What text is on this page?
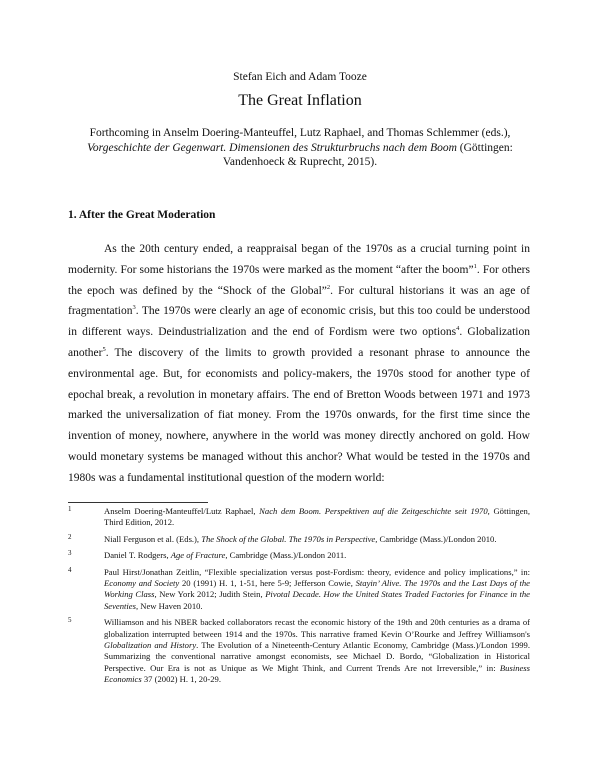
Stefan Eich and Adam Tooze
The Great Inflation
Forthcoming in Anselm Doering-Manteuffel, Lutz Raphael, and Thomas Schlemmer (eds.), Vorgeschichte der Gegenwart. Dimensionen des Strukturbruchs nach dem Boom (Göttingen: Vandenhoeck & Ruprecht, 2015).
1. After the Great Moderation

As the 20th century ended, a reappraisal began of the 1970s as a crucial turning point in modernity. For some historians the 1970s were marked as the moment “after the boom”$^1$. For others the epoch was defined by the “Shock of the Global”$^2$. For cultural historians it was an age of fragmentation$^3$. The 1970s were clearly an age of economic crisis, but this too could be understood in different ways. Deindustrialization and the end of Fordism were two options$^4$. Globalization another$^5$. The discovery of the limits to growth provided a resonant phrase to announce the environmental age. But, for economists and policy-makers, the 1970s stood for another type of epochal break, a revolution in monetary affairs. The end of Bretton Woods between 1971 and 1973 marked the universalization of fiat money. From the 1970s onwards, for the first time since the invention of money, nowhere, anywhere in the world was money directly anchored on gold. How would monetary systems be managed without this anchor? What would be tested in the 1970s and 1980s was a fundamental institutional question of the modern world:

1	Anselm Doering-Manteuffel/Lutz Raphael, Nach dem Boom. Perspektiven auf die Zeitgeschichte seit 1970, Göttingen, Third Edition, 2012.
2	Niall Ferguson et al. (Eds.), The Shock of the Global. The 1970s in Perspective, Cambridge (Mass.)/London 2010.
3	Daniel T. Rodgers, Age of Fracture, Cambridge (Mass.)/London 2011.
4	Paul Hirst/Jonathan Zeitlin, “Flexible specialization versus post-Fordism: theory, evidence and policy implications,” in: Economy and Society 20 (1991) H. 1, 1-51, here 5-9; Jefferson Cowie, Stayin’ Alive. The 1970s and the Last Days of the Working Class, New York 2012; Judith Stein, Pivotal Decade. How the United States Traded Factories for Finance in the Seventies, New Haven 2010.
5	Williamson and his NBER backed collaborators recast the economic history of the 19th and 20th centuries as a drama of globalization interrupted between 1914 and the 1970s. This narrative framed Kevin O’Rourke and Jeffrey Williamson's Globalization and History. The Evolution of a Nineteenth-Century Atlantic Economy, Cambridge (Mass.)/London 1999. Summarizing the conventional narrative amongst economists, see Michael D. Bordo, “Globalization in Historical Perspective. Our Era is not as Unique as We Might Think, and Current Trends Are not Irreversible,” in: Business Economics 37 (2002) H. 1, 20-29.
